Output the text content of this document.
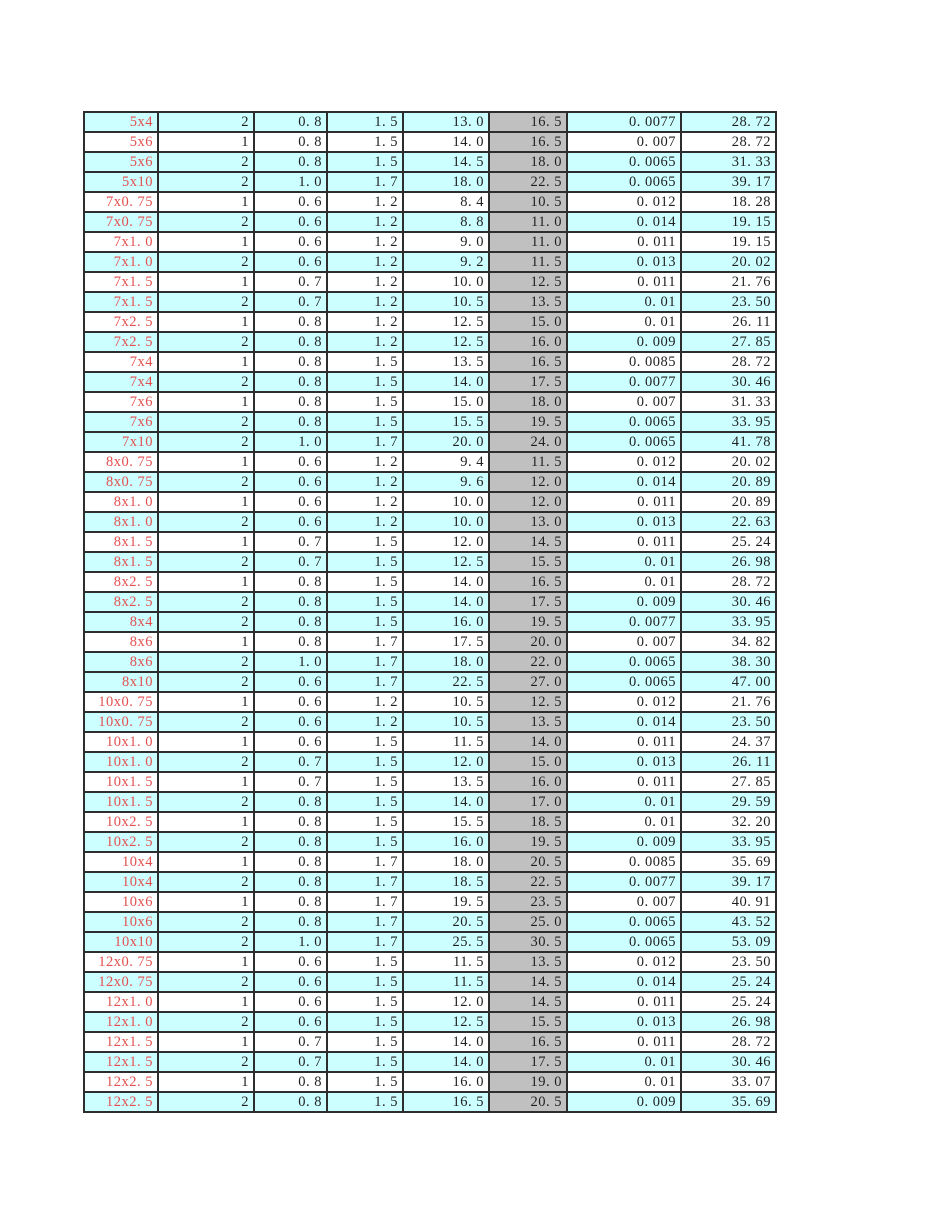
5x4	2	0. 8	1. 5	13. 0	16. 5	0. 0077	28. 72
5x6	1	0. 8	1. 5	14. 0	16. 5	0. 007	28. 72
5x6	2	0. 8	1. 5	14. 5	18. 0	0. 0065	31. 33
5x10	2	1. 0	1. 7	18. 0	22. 5	0. 0065	39. 17
7x0. 75	1	0. 6	1. 2	8. 4	10. 5	0. 012	18. 28
7x0. 75	2	0. 6	1. 2	8. 8	11. 0	0. 014	19. 15
7x1. 0	1	0. 6	1. 2	9. 0	11. 0	0. 011	19. 15
7x1. 0	2	0. 6	1. 2	9. 2	11. 5	0. 013	20. 02
7x1. 5	1	0. 7	1. 2	10. 0	12. 5	0. 011	21. 76
7x1. 5	2	0. 7	1. 2	10. 5	13. 5	0. 01	23. 50
7x2. 5	1	0. 8	1. 2	12. 5	15. 0	0. 01	26. 11
7x2. 5	2	0. 8	1. 2	12. 5	16. 0	0. 009	27. 85
7x4	1	0. 8	1. 5	13. 5	16. 5	0. 0085	28. 72
7x4	2	0. 8	1. 5	14. 0	17. 5	0. 0077	30. 46
7x6	1	0. 8	1. 5	15. 0	18. 0	0. 007	31. 33
7x6	2	0. 8	1. 5	15. 5	19. 5	0. 0065	33. 95
7x10	2	1. 0	1. 7	20. 0	24. 0	0. 0065	41. 78
8x0. 75	1	0. 6	1. 2	9. 4	11. 5	0. 012	20. 02
8x0. 75	2	0. 6	1. 2	9. 6	12. 0	0. 014	20. 89
8x1. 0	1	0. 6	1. 2	10. 0	12. 0	0. 011	20. 89
8x1. 0	2	0. 6	1. 2	10. 0	13. 0	0. 013	22. 63
8x1. 5	1	0. 7	1. 5	12. 0	14. 5	0. 011	25. 24
8x1. 5	2	0. 7	1. 5	12. 5	15. 5	0. 01	26. 98
8x2. 5	1	0. 8	1. 5	14. 0	16. 5	0. 01	28. 72
8x2. 5	2	0. 8	1. 5	14. 0	17. 5	0. 009	30. 46
8x4	2	0. 8	1. 5	16. 0	19. 5	0. 0077	33. 95
8x6	1	0. 8	1. 7	17. 5	20. 0	0. 007	34. 82
8x6	2	1. 0	1. 7	18. 0	22. 0	0. 0065	38. 30
8x10	2	0. 6	1. 7	22. 5	27. 0	0. 0065	47. 00
10x0. 75	1	0. 6	1. 2	10. 5	12. 5	0. 012	21. 76
10x0. 75	2	0. 6	1. 2	10. 5	13. 5	0. 014	23. 50
10x1. 0	1	0. 6	1. 5	11. 5	14. 0	0. 011	24. 37
10x1. 0	2	0. 7	1. 5	12. 0	15. 0	0. 013	26. 11
10x1. 5	1	0. 7	1. 5	13. 5	16. 0	0. 011	27. 85
10x1. 5	2	0. 8	1. 5	14. 0	17. 0	0. 01	29. 59
10x2. 5	1	0. 8	1. 5	15. 5	18. 5	0. 01	32. 20
10x2. 5	2	0. 8	1. 5	16. 0	19. 5	0. 009	33. 95
10x4	1	0. 8	1. 7	18. 0	20. 5	0. 0085	35. 69
10x4	2	0. 8	1. 7	18. 5	22. 5	0. 0077	39. 17
10x6	1	0. 8	1. 7	19. 5	23. 5	0. 007	40. 91
10x6	2	0. 8	1. 7	20. 5	25. 0	0. 0065	43. 52
10x10	2	1. 0	1. 7	25. 5	30. 5	0. 0065	53. 09
12x0. 75	1	0. 6	1. 5	11. 5	13. 5	0. 012	23. 50
12x0. 75	2	0. 6	1. 5	11. 5	14. 5	0. 014	25. 24
12x1. 0	1	0. 6	1. 5	12. 0	14. 5	0. 011	25. 24
12x1. 0	2	0. 6	1. 5	12. 5	15. 5	0. 013	26. 98
12x1. 5	1	0. 7	1. 5	14. 0	16. 5	0. 011	28. 72
12x1. 5	2	0. 7	1. 5	14. 0	17. 5	0. 01	30. 46
12x2. 5	1	0. 8	1. 5	16. 0	19. 0	0. 01	33. 07
12x2. 5	2	0. 8	1. 5	16. 5	20. 5	0. 009	35. 69
